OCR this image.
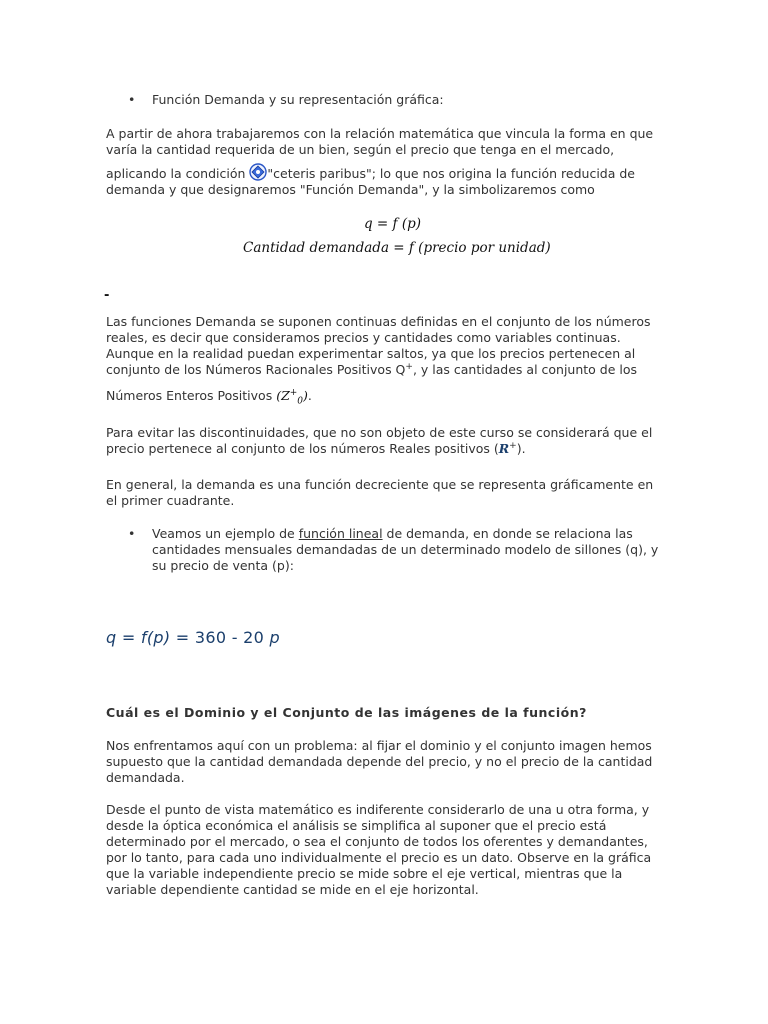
• Función Demanda y su representación gráfica:
A partir de ahora trabajaremos con la relación matemática que vincula la forma en que
varía la cantidad requerida de un bien, según el precio que tenga en el mercado,
aplicando la condición "ceteris paribus"; lo que nos origina la función reducida de
demanda y que designaremos "Función Demanda", y la simbolizaremos como
q = f (p)
Cantidad demandada = f (precio por unidad)
-
Las funciones Demanda se suponen continuas definidas en el conjunto de los números
reales, es decir que consideramos precios y cantidades como variables continuas.
Aunque en la realidad puedan experimentar saltos, ya que los precios pertenecen al
conjunto de los Números Racionales Positivos Q+, y las cantidades al conjunto de los
Números Enteros Positivos $(Z^+_0)$.
Para evitar las discontinuidades, que no son objeto de este curso se considerará que el
precio pertenece al conjunto de los números Reales positivos (R+).
En general, la demanda es una función decreciente que se representa gráficamente en
el primer cuadrante.
• Veamos un ejemplo de función lineal de demanda, en donde se relaciona las
cantidades mensuales demandadas de un determinado modelo de sillones (q), y
su precio de venta (p):
q = f(p) = 360 - 20 p
Cuál es el Dominio y el Conjunto de las imágenes de la función?
Nos enfrentamos aquí con un problema: al fijar el dominio y el conjunto imagen hemos
supuesto que la cantidad demandada depende del precio, y no el precio de la cantidad
demandada.
Desde el punto de vista matemático es indiferente considerarlo de una u otra forma, y
desde la óptica económica el análisis se simplifica al suponer que el precio está
determinado por el mercado, o sea el conjunto de todos los oferentes y demandantes,
por lo tanto, para cada uno individualmente el precio es un dato. Observe en la gráfica
que la variable independiente precio se mide sobre el eje vertical, mientras que la
variable dependiente cantidad se mide en el eje horizontal.
